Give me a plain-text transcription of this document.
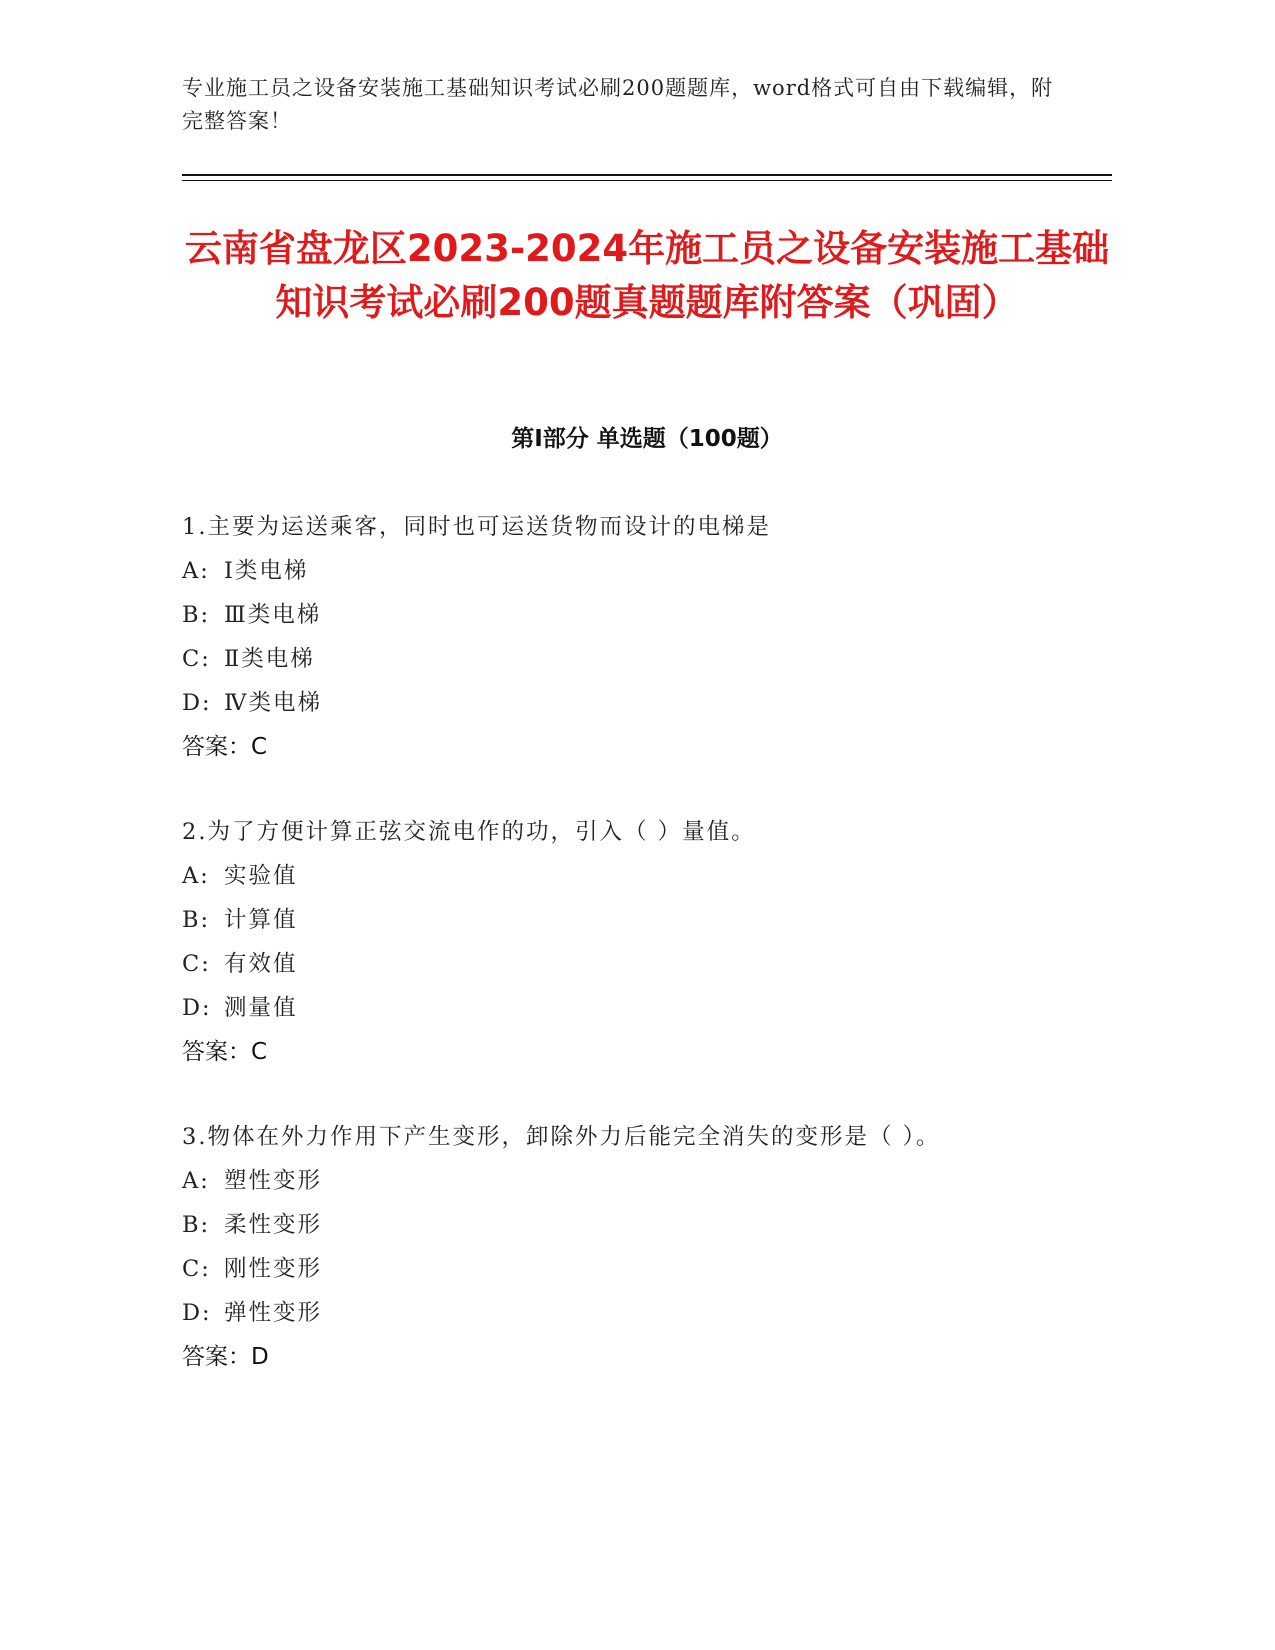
专业施工员之设备安装施工基础知识考试必刷200题题库，word格式可自由下载编辑，附完整答案！
云南省盘龙区2023-2024年施工员之设备安装施工基础知识考试必刷200题真题题库附答案（巩固）
第Ⅰ部分 单选题（100题）
1.主要为运送乘客，同时也可运送货物而设计的电梯是
A: Ⅰ类电梯
B: Ⅲ类电梯
C: Ⅱ类电梯
D: Ⅳ类电梯
答案：C
2.为了方便计算正弦交流电作的功，引入（ ）量值。
A: 实验值
B: 计算值
C: 有效值
D: 测量值
答案：C
3.物体在外力作用下产生变形，卸除外力后能完全消失的变形是（ ）。
A: 塑性变形
B: 柔性变形
C: 刚性变形
D: 弹性变形
答案：D
